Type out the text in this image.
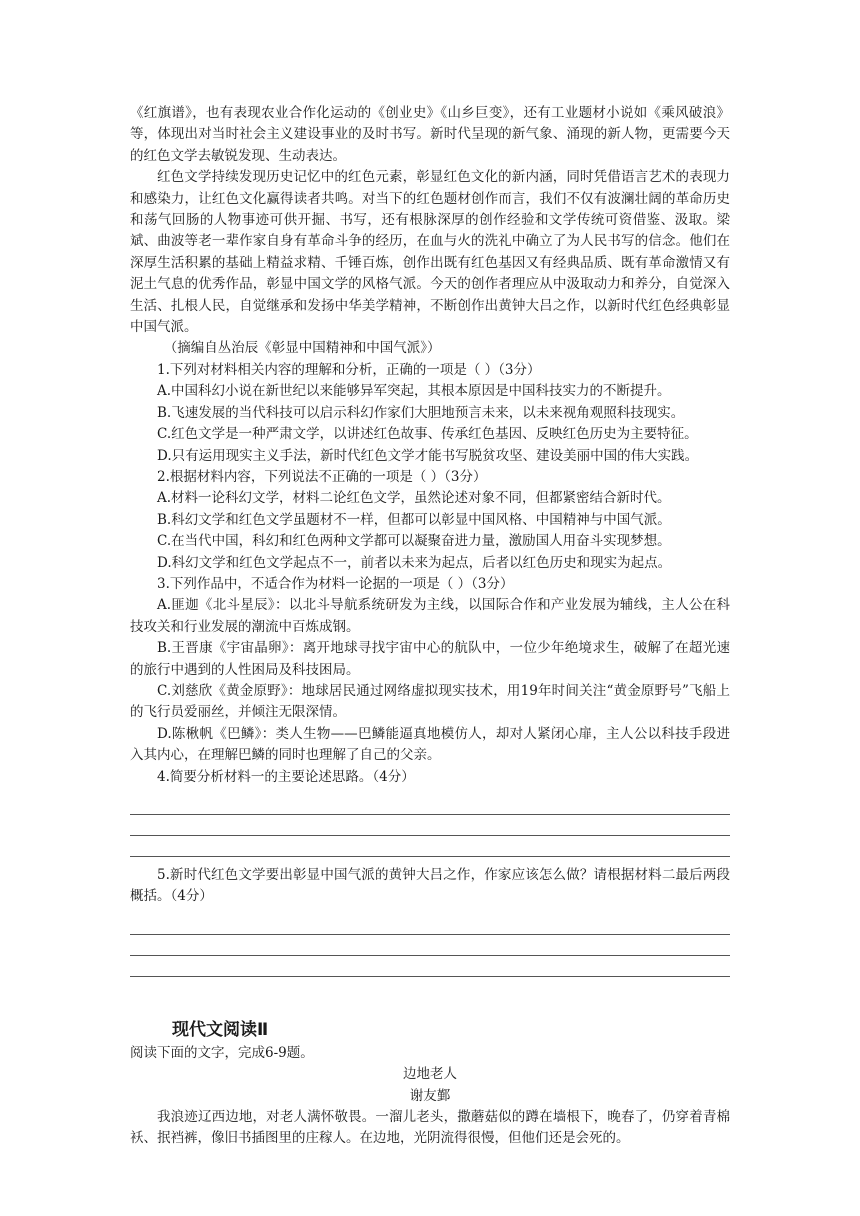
《红旗谱》，也有表现农业合作化运动的《创业史》《山乡巨变》，还有工业题材小说如《乘风破浪》等，体现出对当时社会主义建设事业的及时书写。新时代呈现的新气象、涌现的新人物，更需要今天的红色文学去敏锐发现、生动表达。

红色文学持续发现历史记忆中的红色元素，彰显红色文化的新内涵，同时凭借语言艺术的表现力和感染力，让红色文化赢得读者共鸣。对当下的红色题材创作而言，我们不仅有波澜壮阔的革命历史和荡气回肠的人物事迹可供开掘、书写，还有根脉深厚的创作经验和文学传统可资借鉴、汲取。梁斌、曲波等老一辈作家自身有革命斗争的经历，在血与火的洗礼中确立了为人民书写的信念。他们在深厚生活积累的基础上精益求精、千锤百炼，创作出既有红色基因又有经典品质、既有革命激情又有泥土气息的优秀作品，彰显中国文学的风格气派。今天的创作者理应从中汲取动力和养分，自觉深入生活、扎根人民，自觉继承和发扬中华美学精神，不断创作出黄钟大吕之作，以新时代红色经典彰显中国气派。

（摘编自丛治辰《彰显中国精神和中国气派》）

1.下列对材料相关内容的理解和分析，正确的一项是（ ）（3分）

A.中国科幻小说在新世纪以来能够异军突起，其根本原因是中国科技实力的不断提升。

B.飞速发展的当代科技可以启示科幻作家们大胆地预言未来，以未来视角观照科技现实。

C.红色文学是一种严肃文学，以讲述红色故事、传承红色基因、反映红色历史为主要特征。

D.只有运用现实主义手法，新时代红色文学才能书写脱贫攻坚、建设美丽中国的伟大实践。

2.根据材料内容，下列说法不正确的一项是（ ）（3分）

A.材料一论科幻文学，材料二论红色文学，虽然论述对象不同，但都紧密结合新时代。

B.科幻文学和红色文学虽题材不一样，但都可以彰显中国风格、中国精神与中国气派。

C.在当代中国，科幻和红色两种文学都可以凝聚奋进力量，激励国人用奋斗实现梦想。

D.科幻文学和红色文学起点不一，前者以未来为起点，后者以红色历史和现实为起点。

3.下列作品中，不适合作为材料一论据的一项是（ ）（3分）

A.匪迦《北斗星辰》：以北斗导航系统研发为主线，以国际合作和产业发展为辅线，主人公在科技攻关和行业发展的潮流中百炼成钢。

B.王晋康《宇宙晶卵》：离开地球寻找宇宙中心的航队中，一位少年绝境求生，破解了在超光速的旅行中遇到的人性困局及科技困局。

C.刘慈欣《黄金原野》：地球居民通过网络虚拟现实技术，用19年时间关注“黄金原野号”飞船上的飞行员爱丽丝，并倾注无限深情。

D.陈楸帆《巴鳞》：类人生物——巴鳞能逼真地模仿人，却对人紧闭心扉，主人公以科技手段进入其内心，在理解巴鳞的同时也理解了自己的父亲。

4.简要分析材料一的主要论述思路。（4分）

5.新时代红色文学要出彰显中国气派的黄钟大吕之作，作家应该怎么做？请根据材料二最后两段概括。（4分）

现代文阅读Ⅱ

阅读下面的文字，完成6-9题。

边地老人

谢友鄞

我浪迹辽西边地，对老人满怀敬畏。一溜儿老头，撒蘑菇似的蹲在墙根下，晚春了，仍穿着青棉袄、抿裆裤，像旧书插图里的庄稼人。在边地，光阴流得很慢，但他们还是会死的。
